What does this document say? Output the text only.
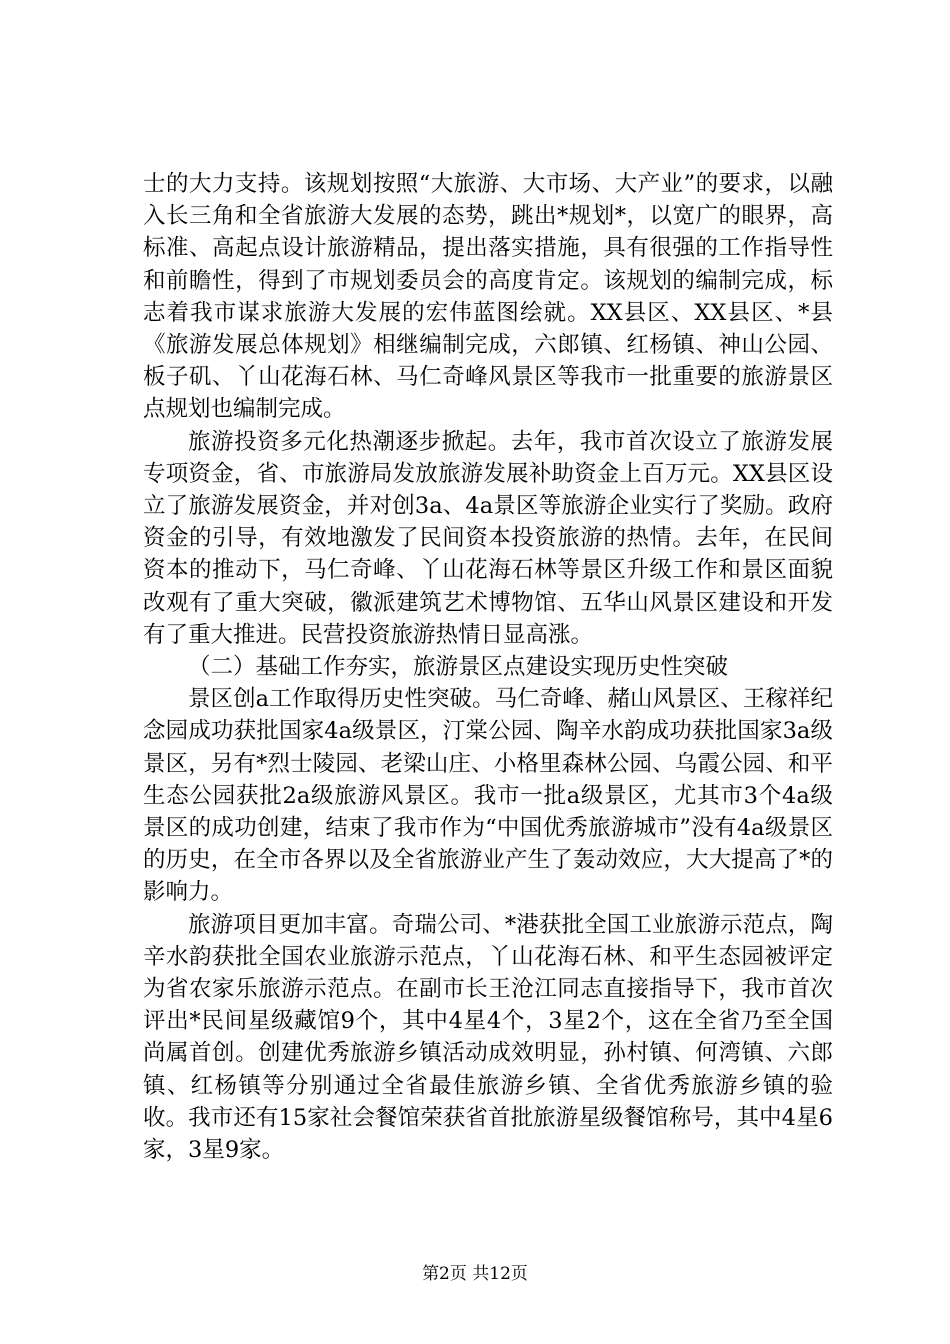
士的大力支持。该规划按照“大旅游、大市场、大产业”的要求，以融入长三角和全省旅游大发展的态势，跳出*规划*，以宽广的眼界，高标准、高起点设计旅游精品，提出落实措施，具有很强的工作指导性和前瞻性，得到了市规划委员会的高度肯定。该规划的编制完成，标志着我市谋求旅游大发展的宏伟蓝图绘就。XX县区、XX县区、*县《旅游发展总体规划》相继编制完成，六郎镇、红杨镇、神山公园、板子矶、丫山花海石林、马仁奇峰风景区等我市一批重要的旅游景区点规划也编制完成。

旅游投资多元化热潮逐步掀起。去年，我市首次设立了旅游发展专项资金，省、市旅游局发放旅游发展补助资金上百万元。XX县区设立了旅游发展资金，并对创3a、4a景区等旅游企业实行了奖励。政府资金的引导，有效地激发了民间资本投资旅游的热情。去年，在民间资本的推动下，马仁奇峰、丫山花海石林等景区升级工作和景区面貌改观有了重大突破，徽派建筑艺术博物馆、五华山风景区建设和开发有了重大推进。民营投资旅游热情日显高涨。

（二）基础工作夯实，旅游景区点建设实现历史性突破

景区创a工作取得历史性突破。马仁奇峰、赭山风景区、王稼祥纪念园成功获批国家4a级景区，汀棠公园、陶辛水韵成功获批国家3a级景区，另有*烈士陵园、老梁山庄、小格里森林公园、乌霞公园、和平生态公园获批2a级旅游风景区。我市一批a级景区，尤其市3个4a级景区的成功创建，结束了我市作为“中国优秀旅游城市”没有4a级景区的历史，在全市各界以及全省旅游业产生了轰动效应，大大提高了*的影响力。

旅游项目更加丰富。奇瑞公司、*港获批全国工业旅游示范点，陶辛水韵获批全国农业旅游示范点，丫山花海石林、和平生态园被评定为省农家乐旅游示范点。在副市长王沧江同志直接指导下，我市首次评出*民间星级藏馆9个，其中4星4个，3星2个，这在全省乃至全国尚属首创。创建优秀旅游乡镇活动成效明显，孙村镇、何湾镇、六郎镇、红杨镇等分别通过全省最佳旅游乡镇、全省优秀旅游乡镇的验收。我市还有15家社会餐馆荣获省首批旅游星级餐馆称号，其中4星6家，3星9家。

第2页 共12页
